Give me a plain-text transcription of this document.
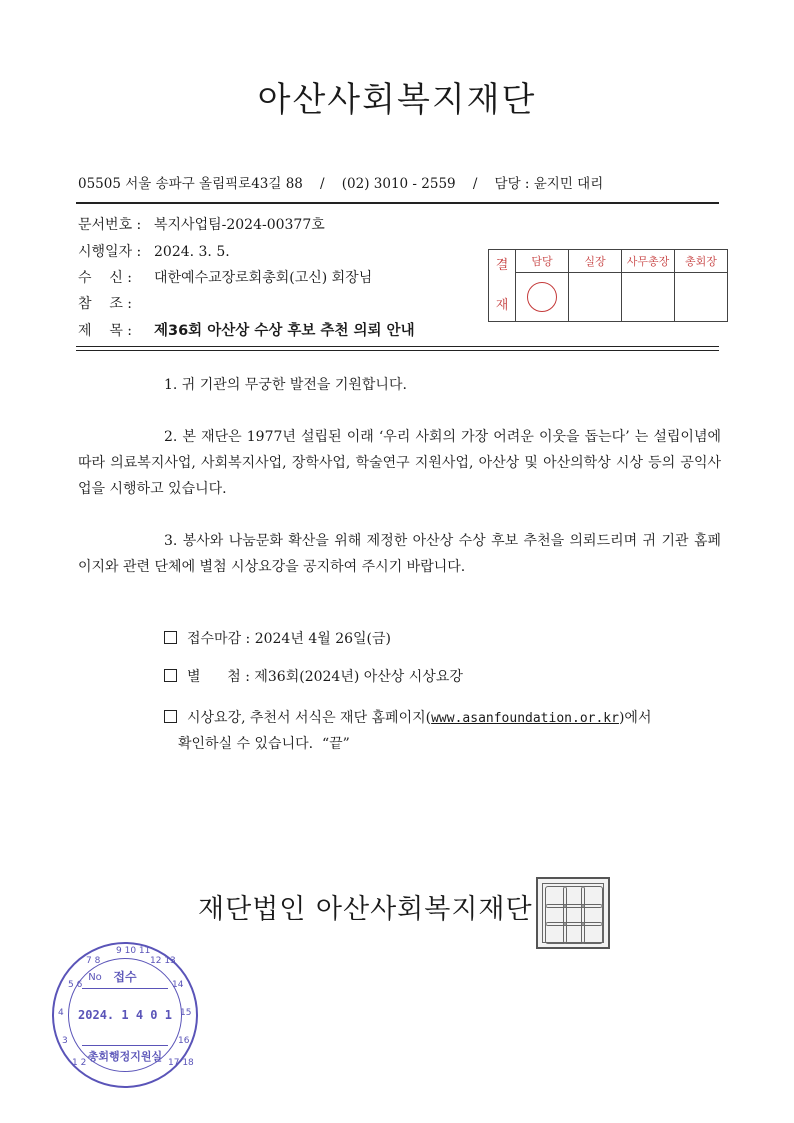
아산사회복지재단
05505 서울 송파구 올림픽로43길 88    /    (02) 3010 - 2559    /    담당 : 윤지민 대리
문서번호 : 복지사업팀-2024-00377호
시행일자 : 2024. 3. 5.
수    신 : 대한예수교장로회총회(고신) 회장님
참    조 :
제    목 : 제36회 아산상 수상 후보 추천 의뢰 안내
결
재	담당	실장	사무총장	총회장

1. 귀 기관의 무궁한 발전을 기원합니다.
2. 본 재단은 1977년 설립된 이래 ‘우리 사회의 가장 어려운 이웃을 돕는다’ 는 설립이념에 따라 의료복지사업, 사회복지사업, 장학사업, 학술연구 지원사업, 아산상 및 아산의학상 시상 등의 공익사업을 시행하고 있습니다.
3. 봉사와 나눔문화 확산을 위해 제정한 아산상 수상 후보 추천을 의뢰드리며 귀 기관 홈페이지와 관련 단체에 별첨 시상요강을 공지하여 주시기 바랍니다.
접수마감 : 2024년 4월 26일(금)
별      첨 : 제36회(2024년) 아산상 시상요강
시상요강, 추천서 서식은 재단 홈페이지(www.asanfoundation.or.kr)에서
확인하실 수 있습니다.  “끝”
재단법인 아산사회복지재단
9 10 11
7 8	12 13
5 6	14
4	15
3	16
1 2	17 18
No 접수
2024. 1 4 0 1
총회행정지원실
